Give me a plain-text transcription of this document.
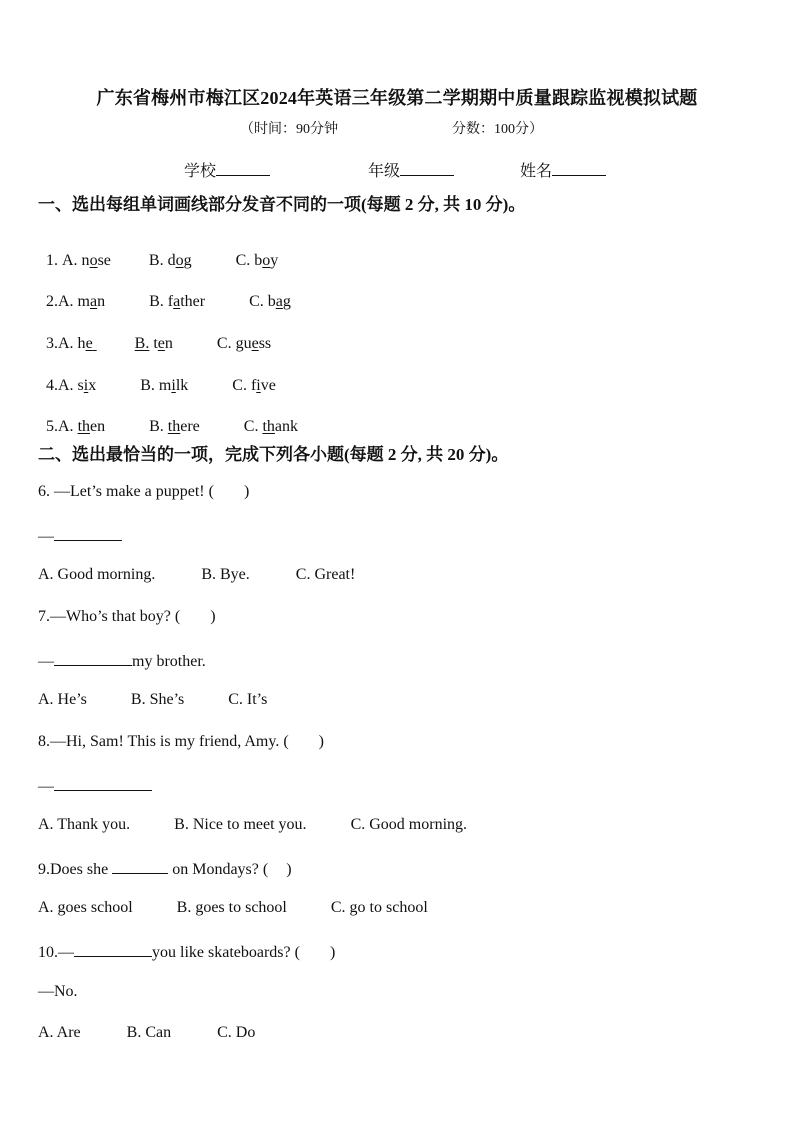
广东省梅州市梅江区2024年英语三年级第二学期期中质量跟踪监视模拟试题
（时间：90分钟	分数：100分）
学校	年级	姓名
一、选出每组单词画线部分发音不同的一项(每题 2 分, 共 10 分)。

1. A. nose B. dog	C. boy

2.A. man	B. father	C. bag

3.A. he	B. ten	C. guess

4.A. six	B. milk	C. five

5.A. then	B. there	C. thank

二、选出最恰当的一项，完成下列各小题(每题 2 分, 共 20 分)。
6. —Let’s make a puppet! ( )
—
A. Good morning.	B. Bye.	C. Great!
7.—Who’s that boy? ( )
—	my brother.
A. He’s	B. She’s	C. It’s
8.—Hi, Sam! This is my friend, Amy. ( )
—
A. Thank you.	B. Nice to meet you.	C. Good morning.
9.Does she	on Mondays? ( )
A. goes school	B. goes to school	C. go to school
10.—	you like skateboards? ( )
—No.
A. Are	B. Can	C. Do
